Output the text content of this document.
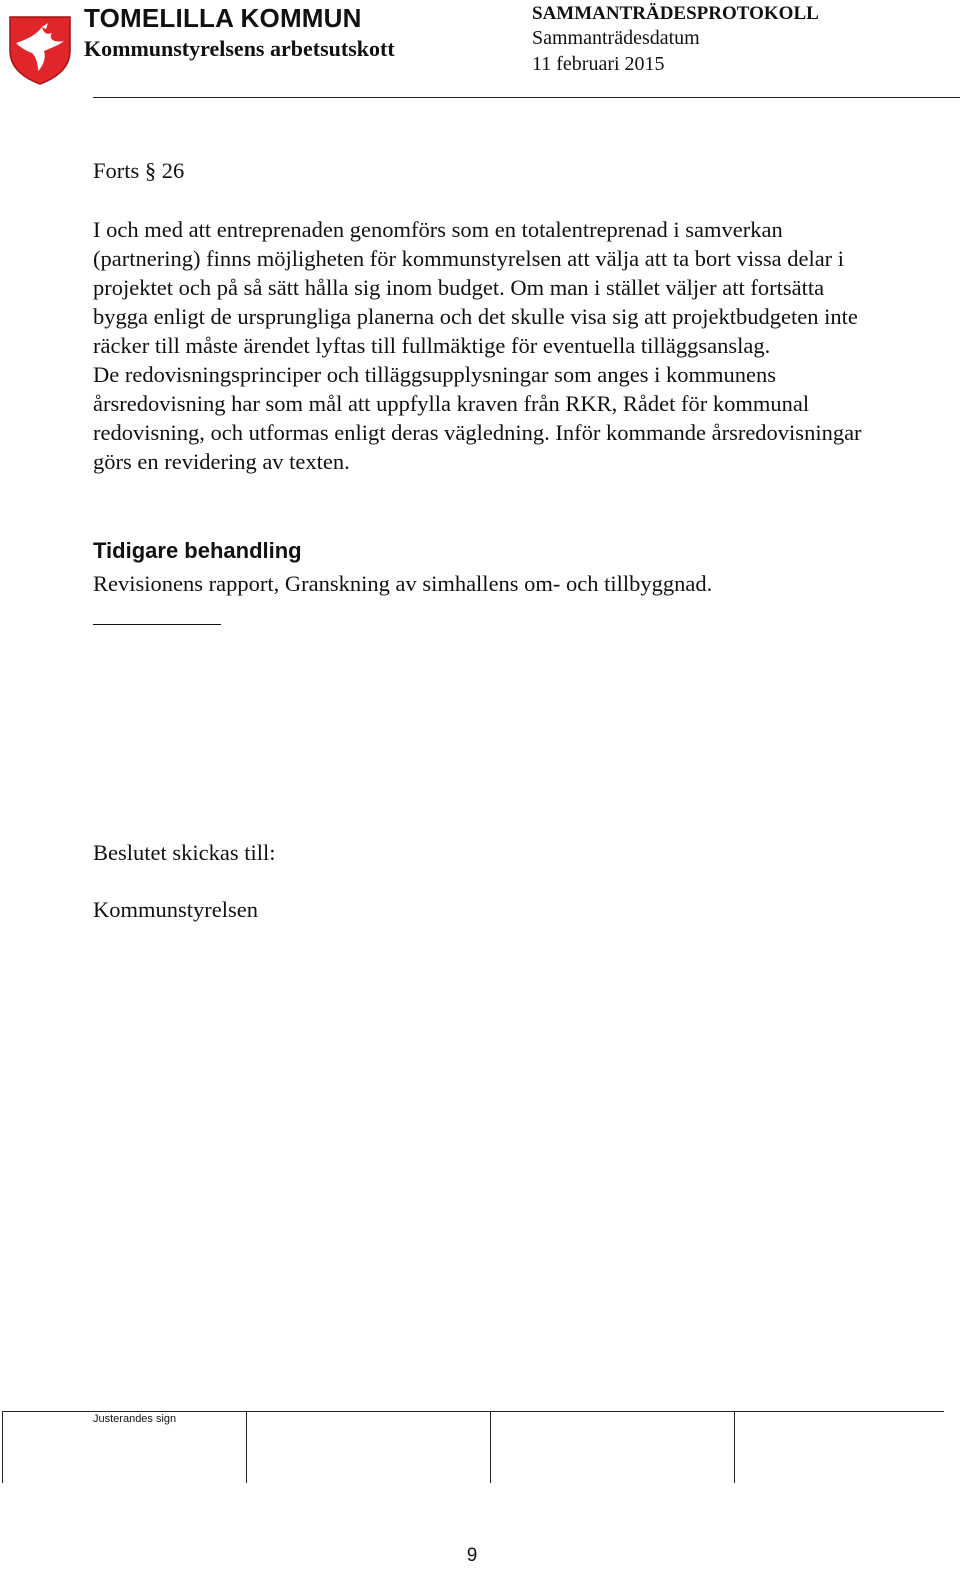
TOMELILLA KOMMUN
Kommunstyrelsens arbetsutskott
SAMMANTRÄDESPROTOKOLL
Sammanträdesdatum
11 februari 2015
Forts § 26

I och med att entreprenaden genomförs som en totalentreprenad i samverkan (partnering) finns möjligheten för kommunstyrelsen att välja att ta bort vissa delar i projektet och på så sätt hålla sig inom budget. Om man i stället väljer att fortsätta bygga enligt de ursprungliga planerna och det skulle visa sig att projektbudgeten inte räcker till måste ärendet lyftas till fullmäktige för eventuella tilläggsanslag.

De redovisningsprinciper och tilläggsupplysningar som anges i kommunens årsredovisning har som mål att uppfylla kraven från RKR, Rådet för kommunal redovisning, och utformas enligt deras vägledning. Inför kommande årsredovisningar görs en revidering av texten.

Tidigare behandling
Revisionens rapport, Granskning av simhallens om- och tillbyggnad.
Beslutet skickas till:
Kommunstyrelsen
Justerandes sign
9
